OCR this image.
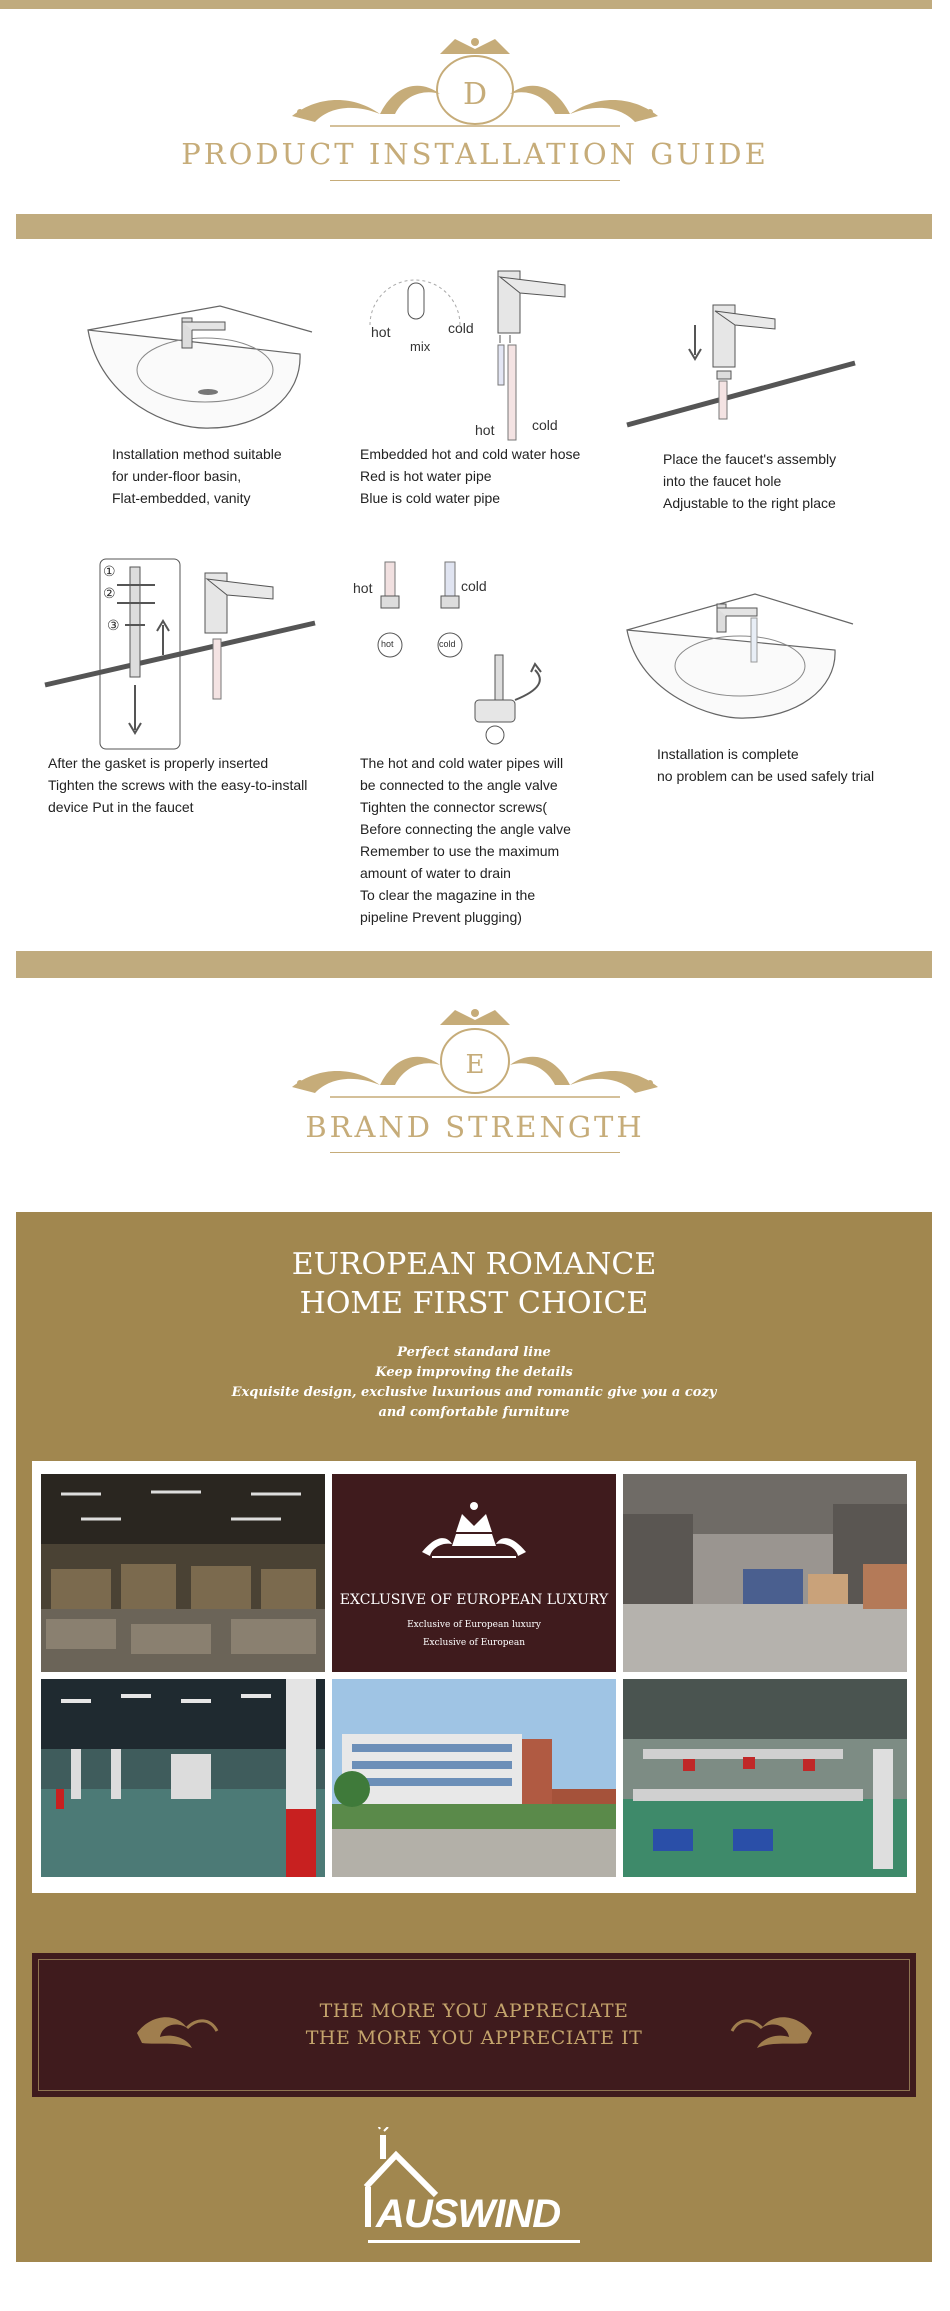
D
PRODUCT INSTALLATION GUIDE
Installation method suitable
for under-floor basin,
Flat-embedded, vanity
hot	cold
mix
hot	cold
Embedded hot and cold water hose
Red is hot water pipe
Blue is cold water pipe
Place the faucet's assembly
into the faucet hole
Adjustable to the right place
①
②
③
After the gasket is properly inserted
Tighten the screws with the easy-to-install
device Put in the faucet
hot	cold
hot	cold
The hot and cold water pipes will
be connected to the angle valve
Tighten the connector screws(
Before connecting the angle valve
Remember to use the maximum
amount of water to drain
To clear the magazine in the
pipeline Prevent plugging)
Installation is complete
no problem can be used safely trial
E
BRAND STRENGTH
EUROPEAN ROMANCE
HOME FIRST CHOICE
Perfect standard line
Keep improving the details
Exquisite design, exclusive luxurious and romantic give you a cozy
and comfortable furniture
EXCLUSIVE OF EUROPEAN LUXURY
Exclusive of European luxury
Exclusive of European
THE MORE YOU APPRECIATE
THE MORE YOU APPRECIATE IT
AUSWIND
